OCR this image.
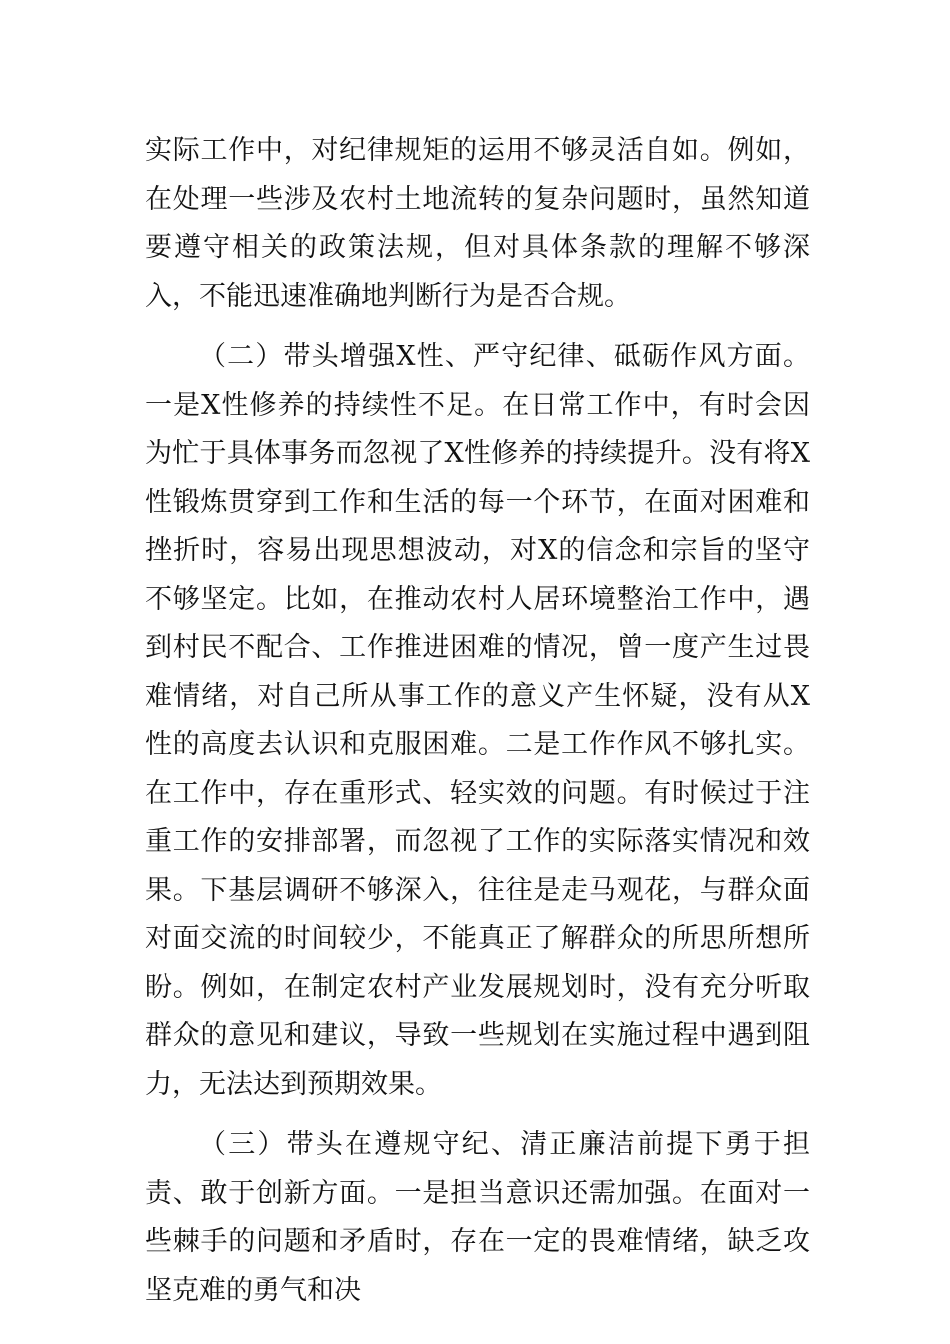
实际工作中，对纪律规矩的运用不够灵活自如。例如，在处理一些涉及农村土地流转的复杂问题时，虽然知道要遵守相关的政策法规，但对具体条款的理解不够深入，不能迅速准确地判断行为是否合规。

（二）带头增强X性、严守纪律、砥砺作风方面。一是X性修养的持续性不足。在日常工作中，有时会因为忙于具体事务而忽视了X性修养的持续提升。没有将X性锻炼贯穿到工作和生活的每一个环节，在面对困难和挫折时，容易出现思想波动，对X的信念和宗旨的坚守不够坚定。比如，在推动农村人居环境整治工作中，遇到村民不配合、工作推进困难的情况，曾一度产生过畏难情绪，对自己所从事工作的意义产生怀疑，没有从X性的高度去认识和克服困难。二是工作作风不够扎实。在工作中，存在重形式、轻实效的问题。有时候过于注重工作的安排部署，而忽视了工作的实际落实情况和效果。下基层调研不够深入，往往是走马观花，与群众面对面交流的时间较少，不能真正了解群众的所思所想所盼。例如，在制定农村产业发展规划时，没有充分听取群众的意见和建议，导致一些规划在实施过程中遇到阻力，无法达到预期效果。

（三）带头在遵规守纪、清正廉洁前提下勇于担责、敢于创新方面。一是担当意识还需加强。在面对一些棘手的问题和矛盾时，存在一定的畏难情绪，缺乏攻坚克难的勇气和决
